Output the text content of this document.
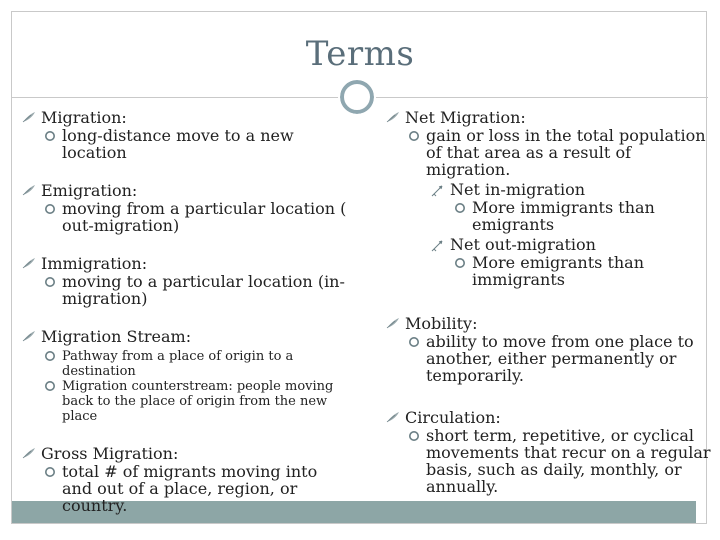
Terms
Migration:
long-distance move to a new location
Emigration:
moving from a particular location ( out-migration)
Immigration:
moving to a particular location (in-migration)
Migration Stream:
Pathway from a place of origin to a destination
Migration counterstream: people moving back to the place of origin from the new place
Gross Migration:
total # of migrants moving into and out of a place, region, or country.
Net Migration:
gain or loss in the total population of that area as a result of migration.
Net in-migration
More immigrants than emigrants
Net out-migration
More emigrants than immigrants
Mobility:
ability to move from one place to another, either permanently or temporarily.
Circulation:
short term, repetitive, or cyclical movements that recur on a regular basis, such as daily, monthly, or annually.
